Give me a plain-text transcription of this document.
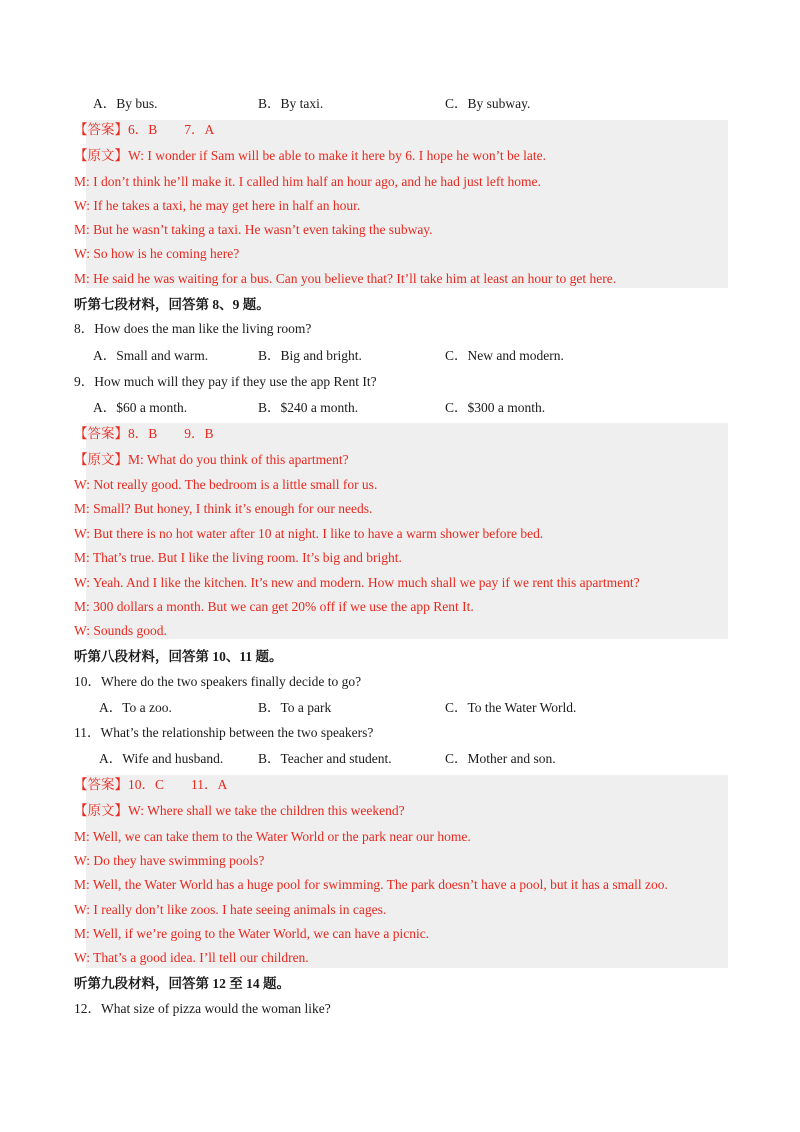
A．By bus.	B．By taxi.	C．By subway.
【答案】6．B　　7．A
【原文】W: I wonder if Sam will be able to make it here by 6. I hope he won’t be late.
M: I don’t think he’ll make it. I called him half an hour ago, and he had just left home.
W: If he takes a taxi, he may get here in half an hour.
M: But he wasn’t taking a taxi. He wasn’t even taking the subway.
W: So how is he coming here?
M: He said he was waiting for a bus. Can you believe that? It’ll take him at least an hour to get here.
听第七段材料，回答第 8、9 题。
8．How does the man like the living room?
A．Small and warm.	B．Big and bright.	C．New and modern.
9．How much will they pay if they use the app Rent It?
A．$60 a month.	B．$240 a month.	C．$300 a month.
【答案】8．B　　9．B
【原文】M: What do you think of this apartment?
W: Not really good. The bedroom is a little small for us.
M: Small? But honey, I think it’s enough for our needs.
W: But there is no hot water after 10 at night. I like to have a warm shower before bed.
M: That’s true. But I like the living room. It’s big and bright.
W: Yeah. And I like the kitchen. It’s new and modern. How much shall we pay if we rent this apartment?
M: 300 dollars a month. But we can get 20% off if we use the app Rent It.
W: Sounds good.
听第八段材料，回答第 10、11 题。
10．Where do the two speakers finally decide to go?
A．To a zoo.	B．To a park	C．To the Water World.
11．What’s the relationship between the two speakers?
A．Wife and husband.	B．Teacher and student.	C．Mother and son.
【答案】10．C　　11．A
【原文】W: Where shall we take the children this weekend?
M: Well, we can take them to the Water World or the park near our home.
W: Do they have swimming pools?
M: Well, the Water World has a huge pool for swimming. The park doesn’t have a pool, but it has a small zoo.
W: I really don’t like zoos. I hate seeing animals in cages.
M: Well, if we’re going to the Water World, we can have a picnic.
W: That’s a good idea. I’ll tell our children.
听第九段材料，回答第 12 至 14 题。
12．What size of pizza would the woman like?
